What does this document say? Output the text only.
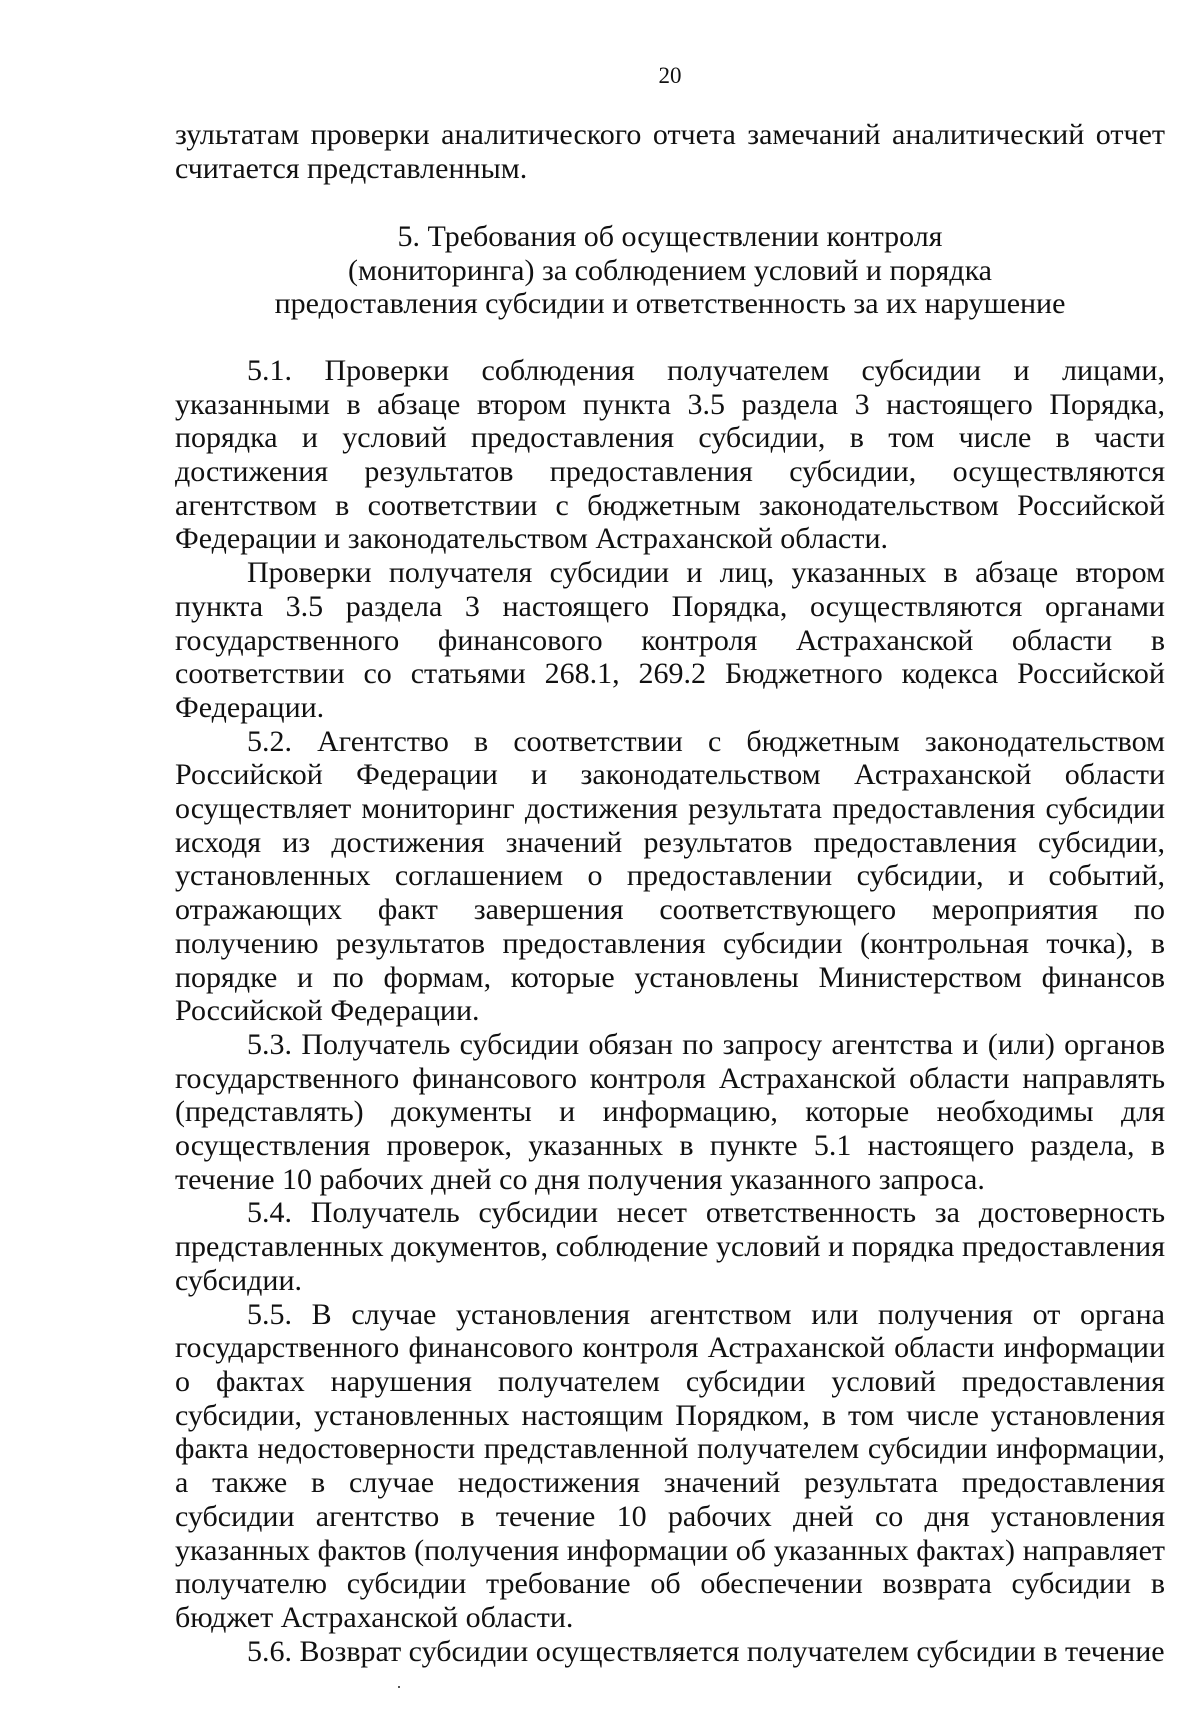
20

зультатам проверки аналитического отчета замечаний аналитический отчет считается представленным.

5. Требования об осуществлении контроля
(мониторинга) за соблюдением условий и порядка
предоставления субсидии и ответственность за их нарушение

5.1. Проверки соблюдения получателем субсидии и лицами, указанными в абзаце втором пункта 3.5 раздела 3 настоящего Порядка, порядка и условий предоставления субсидии, в том числе в части достижения результатов предоставления субсидии, осуществляются агентством в соответствии с бюджетным законодательством Российской Федерации и законодательством Астраханской области.

Проверки получателя субсидии и лиц, указанных в абзаце втором пункта 3.5 раздела 3 настоящего Порядка, осуществляются органами государственного финансового контроля Астраханской области в соответствии со статьями 268.1, 269.2 Бюджетного кодекса Российской Федерации.

5.2. Агентство в соответствии с бюджетным законодательством Российской Федерации и законодательством Астраханской области осуществляет мониторинг достижения результата предоставления субсидии исходя из достижения значений результатов предоставления субсидии, установленных соглашением о предоставлении субсидии, и событий, отражающих факт завершения соответствующего мероприятия по получению результатов предоставления субсидии (контрольная точка), в порядке и по формам, которые установлены Министерством финансов Российской Федерации.

5.3. Получатель субсидии обязан по запросу агентства и (или) органов государственного финансового контроля Астраханской области направлять (представлять) документы и информацию, которые необходимы для осуществления проверок, указанных в пункте 5.1 настоящего раздела, в течение 10 рабочих дней со дня получения указанного запроса.

5.4. Получатель субсидии несет ответственность за достоверность представленных документов, соблюдение условий и порядка предоставления субсидии.

5.5. В случае установления агентством или получения от органа государственного финансового контроля Астраханской области информации о фактах нарушения получателем субсидии условий предоставления субсидии, установленных настоящим Порядком, в том числе установления факта недостоверности представленной получателем субсидии информации, а также в случае недостижения значений результата предоставления субсидии агентство в течение 10 рабочих дней со дня установления указанных фактов (получения информации об указанных фактах) направляет получателю субсидии требование об обеспечении возврата субсидии в бюджет Астраханской области.

5.6. Возврат субсидии осуществляется получателем субсидии в течение
